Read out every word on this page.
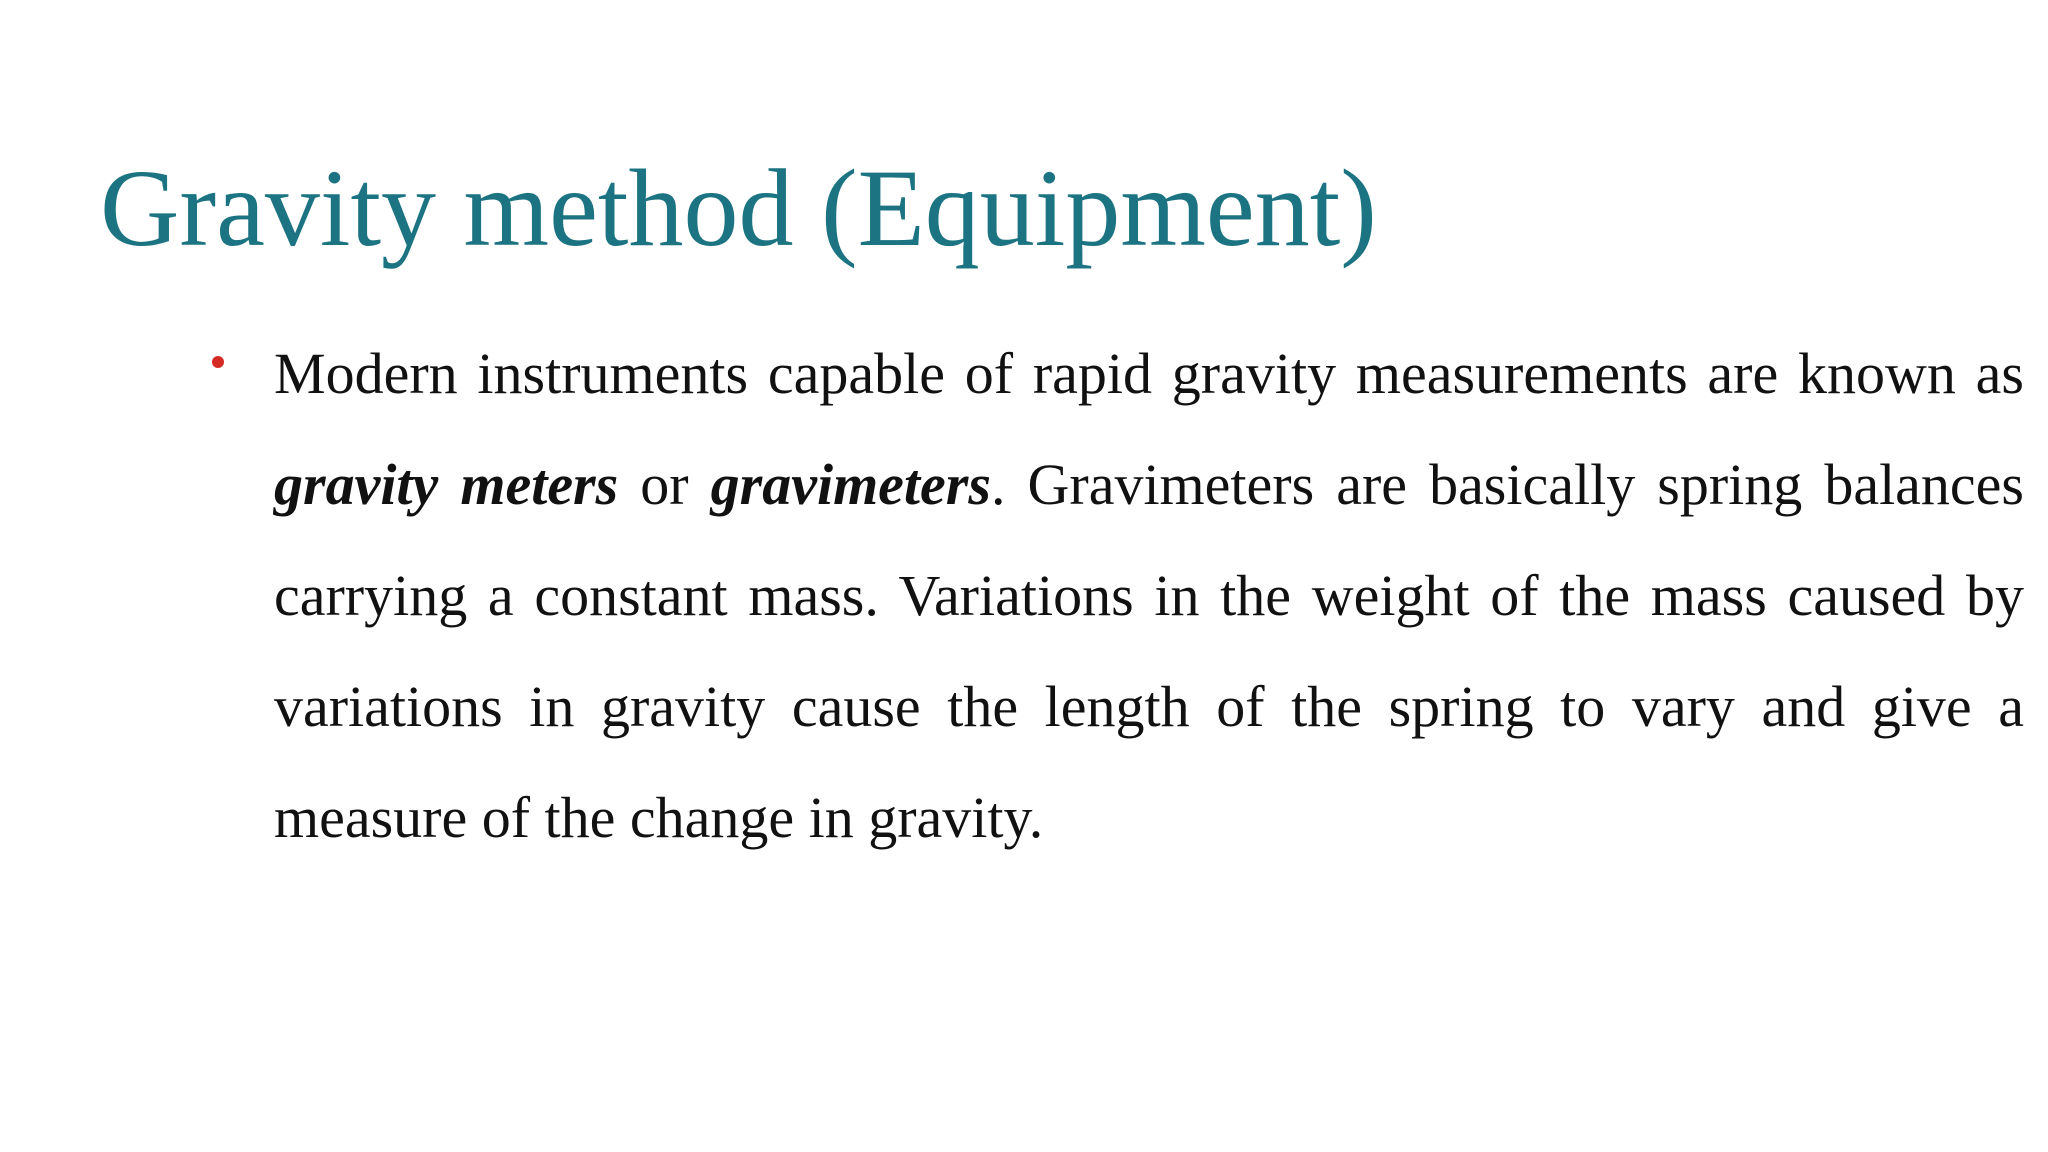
Gravity method (Equipment)

Modern instruments capable of rapid gravity measurements are known as gravity meters or gravimeters. Gravimeters are basically spring balances carrying a constant mass. Variations in the weight of the mass caused by variations in gravity cause the length of the spring to vary and give a measure of the change in gravity.
